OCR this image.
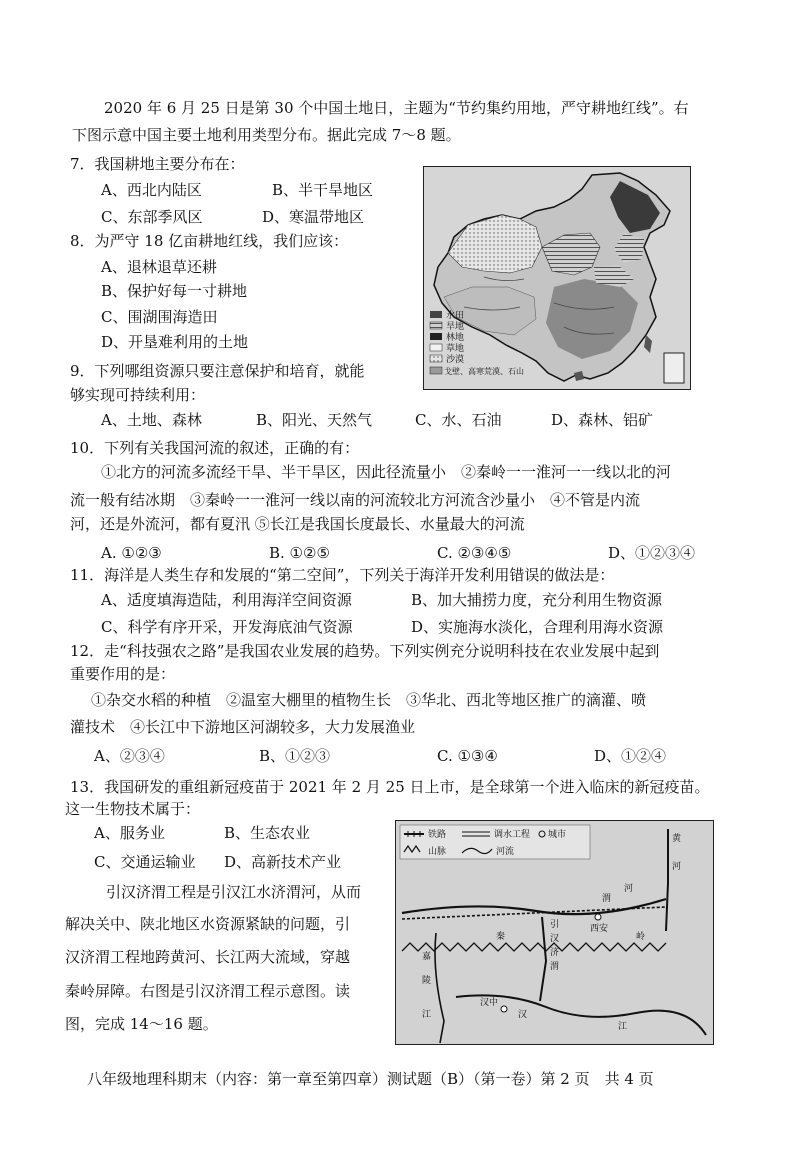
2020 年 6 月 25 日是第 30 个中国土地日，主题为“节约集约用地，严守耕地红线”。右
下图示意中国主要土地利用类型分布。据此完成 7～8 题。
7．我国耕地主要分布在：
A、西北内陆区	B、半干旱地区
C、东部季风区	D、寒温带地区
8．为严守 18 亿亩耕地红线，我们应该：
A、退林退草还耕
B、保护好每一寸耕地
C、围湖围海造田
D、开垦难利用的土地
9．下列哪组资源只要注意保护和培育，就能
够实现可持续利用：
A、土地、森林	B、阳光、天然气	C、水、石油	D、森林、铝矿
10．下列有关我国河流的叙述，正确的有：
①北方的河流多流经干旱、半干旱区，因此径流量小　②秦岭一一淮河一一线以北的河
流一般有结冰期　③秦岭一一淮河一线以南的河流较北方河流含沙量小　④不管是内流
河，还是外流河，都有夏汛 ⑤长江是我国长度最长、水量最大的河流
A. ①②③	B. ①②⑤	C. ②③④⑤	D、①②③④
11．海洋是人类生存和发展的“第二空间”，下列关于海洋开发利用错误的做法是：
A、适度填海造陆，利用海洋空间资源	B、加大捕捞力度，充分利用生物资源
C、科学有序开采，开发海底油气资源	D、实施海水淡化，合理利用海水资源
12．走“科技强农之路”是我国农业发展的趋势。下列实例充分说明科技在农业发展中起到
重要作用的是：
①杂交水稻的种植　②温室大棚里的植物生长　③华北、西北等地区推广的滴灌、喷
灌技术　④长江中下游地区河湖较多，大力发展渔业
A、②③④	B、①②③	C. ①③④	D、①②④
13．我国研发的重组新冠疫苗于 2021 年 2 月 25 日上市，是全球第一个进入临床的新冠疫苗。
这一生物技术属于：
A、服务业	B、生态农业
C、交通运输业 D、高新技术产业
引汉济渭工程是引汉江水济渭河，从而
解决关中、陕北地区水资源紧缺的问题，引
汉济渭工程地跨黄河、长江两大流域，穿越
秦岭屏障。右图是引汉济渭工程示意图。读
图，完成 14～16 题。
水田
旱地
林地
草地
沙漠
戈壁、高寒荒漠、石山
铁路	调水工程 城市
山脉	河流
黄
河
渭
河
引
汉
济
渭
西安
秦	岭
嘉
陵
江
汉中
汉
江
八年级地理科期末（内容：第一章至第四章）测试题（B）（第一卷）第 2 页　共 4 页
